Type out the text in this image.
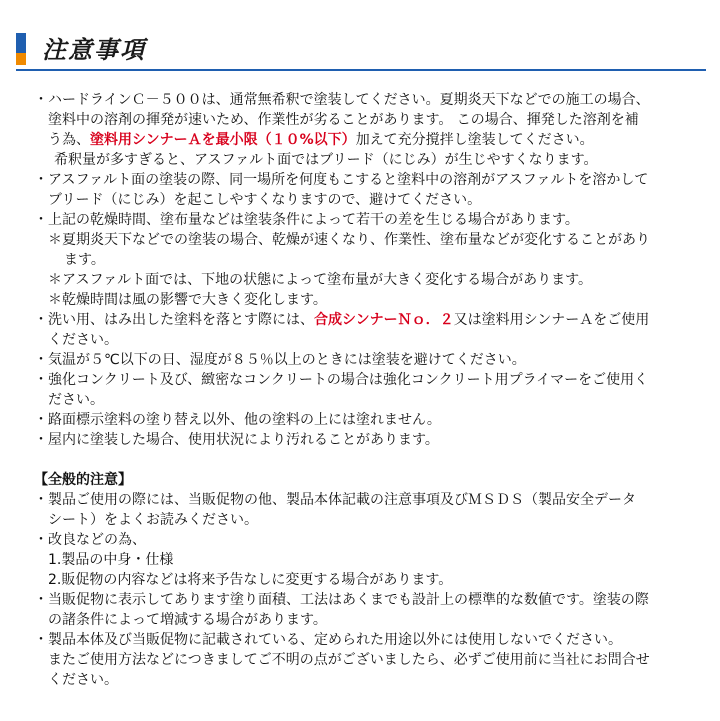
注意事項
・ハードラインＣ－５００は、通常無希釈で塗装してください。夏期炎天下などでの施工の場合、
塗料中の溶剤の揮発が速いため、作業性が劣ることがあります。 この場合、揮発した溶剤を補
う為、塗料用シンナーＡを最小限（１０%以下）加えて充分撹拌し塗装してください。
希釈量が多すぎると、アスファルト面ではブリード（にじみ）が生じやすくなります。
・アスファルト面の塗装の際、同一場所を何度もこすると塗料中の溶剤がアスファルトを溶かして
ブリード（にじみ）を起こしやすくなりますので、避けてください。
・上記の乾燥時間、塗布量などは塗装条件によって若干の差を生じる場合があります。
＊夏期炎天下などでの塗装の場合、乾燥が速くなり、作業性、塗布量などが変化することがあり
ます。
＊アスファルト面では、下地の状態によって塗布量が大きく変化する場合があります。
＊乾燥時間は風の影響で大きく変化します。
・洗い用、はみ出した塗料を落とす際には、合成シンナーＮｏ．２又は塗料用シンナーＡをご使用
ください。
・気温が５℃以下の日、湿度が８５％以上のときには塗装を避けてください。
・強化コンクリート及び、緻密なコンクリートの場合は強化コンクリート用プライマーをご使用く
ださい。
・路面標示塗料の塗り替え以外、他の塗料の上には塗れません。
・屋内に塗装した場合、使用状況により汚れることがあります。
【全般的注意】
・製品ご使用の際には、当販促物の他、製品本体記載の注意事項及びＭＳＤＳ（製品安全データ
シート）をよくお読みください。
・改良などの為、
1.製品の中身・仕様
2.販促物の内容などは将来予告なしに変更する場合があります。
・当販促物に表示してあります塗り面積、工法はあくまでも設計上の標準的な数値です。塗装の際
の諸条件によって増減する場合があります。
・製品本体及び当販促物に記載されている、定められた用途以外には使用しないでください。
またご使用方法などにつきましてご不明の点がございましたら、必ずご使用前に当社にお問合せ
ください。
